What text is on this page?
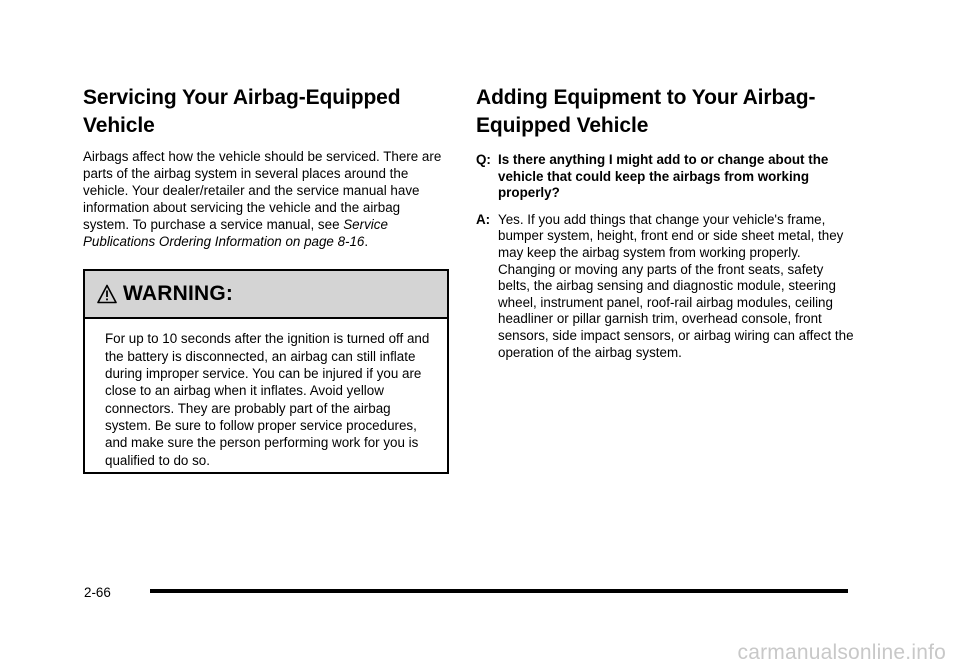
Servicing Your Airbag-Equipped Vehicle

Airbags affect how the vehicle should be serviced. There are parts of the airbag system in several places around the vehicle. Your dealer/retailer and the service manual have information about servicing the vehicle and the airbag system. To purchase a service manual, see Service Publications Ordering Information on page 8‑16.

WARNING:

For up to 10 seconds after the ignition is turned off and the battery is disconnected, an airbag can still inflate during improper service. You can be injured if you are close to an airbag when it inflates. Avoid yellow connectors. They are probably part of the airbag system. Be sure to follow proper service procedures, and make sure the person performing work for you is qualified to do so.

Adding Equipment to Your Airbag-Equipped Vehicle
Q: Is there anything I might add to or change about the vehicle that could keep the airbags from working properly?
A: Yes. If you add things that change your vehicle's frame, bumper system, height, front end or side sheet metal, they may keep the airbag system from working properly. Changing or moving any parts of the front seats, safety belts, the airbag sensing and diagnostic module, steering wheel, instrument panel, roof-rail airbag modules, ceiling headliner or pillar garnish trim, overhead console, front sensors, side impact sensors, or airbag wiring can affect the operation of the airbag system.
2-66
carmanualsonline.info
